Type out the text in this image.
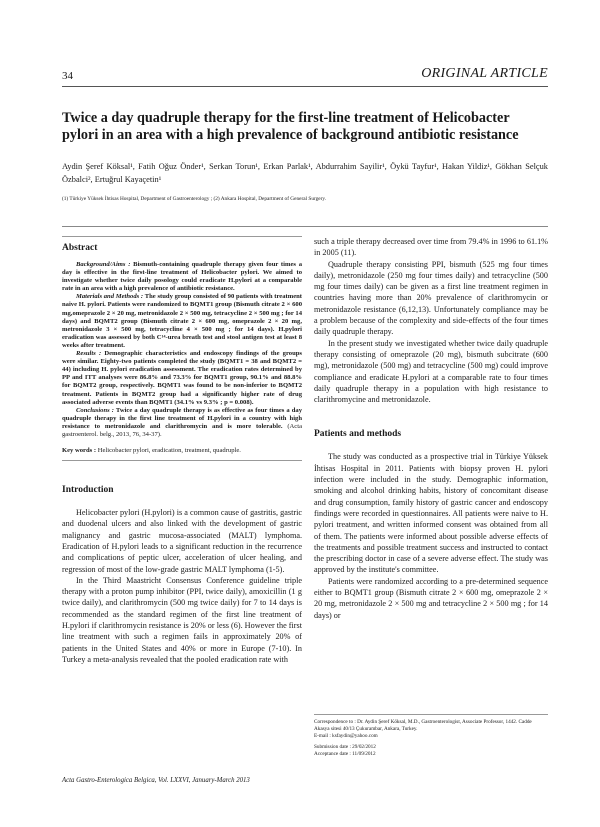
34	ORIGINAL ARTICLE
Twice a day quadruple therapy for the first-line treatment of Helicobacter pylori in an area with a high prevalence of background antibiotic resistance
Aydin Şeref Köksal¹, Fatih Oğuz Önder¹, Serkan Torun¹, Erkan Parlak¹, Abdurrahim Sayilir¹, Öykü Tayfur¹, Hakan Yildiz¹, Gökhan Selçuk Özbalci², Ertuğrul Kayaçetin¹
(1) Türkiye Yüksek İhtisas Hospital, Department of Gastroenterology ; (2) Ankara Hospital, Department of General Surgery.

Abstract

Background/Aims : Bismuth-containing quadruple therapy given four times a day is effective in the first-line treatment of Helicobacter pylori. We aimed to investigate whether twice daily posology could eradicate H.pylori at a comparable rate in an area with a high prevalence of antibiotic resistance.

Materials and Methods : The study group consisted of 90 patients with treatment naive H. pylori. Patients were randomized to BQMT1 group (Bismuth citrate 2 × 600 mg,omeprazole 2 × 20 mg, metronidazole 2 × 500 mg, tetracycline 2 × 500 mg ; for 14 days) and BQMT2 group (Bismuth citrate 2 × 600 mg, omeprazole 2 × 20 mg, metronidazole 3 × 500 mg, tetracycline 4 × 500 mg ; for 14 days). H.pylori eradication was assessed by both C¹⁴-urea breath test and stool antigen test at least 8 weeks after treatment.

Results : Demographic characteristics and endoscopy findings of the groups were similar. Eighty-two patients completed the study (BQMT1 = 38 and BQMT2 = 44) including H. pylori eradication assessment. The eradication rates determined by PP and ITT analyses were 86.8% and 73.3% for BQMT1 group, 90.1% and 88.8% for BQMT2 group, respectively. BQMT1 was found to be non-inferior to BQMT2 treatment. Patients in BQMT2 group had a significantly higher rate of drug associated adverse events than BQMT1 (34.1% vs 9.3% ; p = 0.008).

Conclusions : Twice a day quadruple therapy is as effective as four times a day quadruple therapy in the first line treatment of H.pylori in a country with high resistance to metronidazole and clarithromycin and is more tolerable. (Acta gastroenterol. belg., 2013, 76, 34-37).

Key words : Helicobacter pylori, eradication, treatment, quadruple.

Introduction

Helicobacter pylori (H.pylori) is a common cause of gastritis, gastric and duodenal ulcers and also linked with the development of gastric malignancy and gastric mucosa-associated (MALT) lymphoma. Eradication of H.pylori leads to a significant reduction in the recurrence and complications of peptic ulcer, acceleration of ulcer healing, and regression of most of the low-grade gastric MALT lymphoma (1-5).

In the Third Maastricht Consensus Conference guideline triple therapy with a proton pump inhibitor (PPI, twice daily), amoxicillin (1 g twice daily), and clarithromycin (500 mg twice daily) for 7 to 14 days is recommended as the standard regimen of the first line treatment of H.pylori if clarithromycin resistance is 20% or less (6). However the first line treatment with such a regimen fails in approximately 20% of patients in the United States and 40% or more in Europe (7-10). In Turkey a meta-analysis revealed that the pooled eradication rate with

such a triple therapy decreased over time from 79.4% in 1996 to 61.1% in 2005 (11).

Quadruple therapy consisting PPI, bismuth (525 mg four times daily), metronidazole (250 mg four times daily) and tetracycline (500 mg four times daily) can be given as a first line treatment regimen in countries having more than 20% prevalence of clarithromycin or metronidazole resistance (6,12,13). Unfortunately compliance may be a problem because of the complexity and side-effects of the four times daily quadruple therapy.

In the present study we investigated whether twice daily quadruple therapy consisting of omeprazole (20 mg), bismuth subcitrate (600 mg), metronidazole (500 mg) and tetracycline (500 mg) could improve compliance and eradicate H.pylori at a comparable rate to four times daily quadruple therapy in a population with high resistance to clarithromycine and metronidazole.

Patients and methods

The study was conducted as a prospective trial in Türkiye Yüksek İhtisas Hospital in 2011. Patients with biopsy proven H. pylori infection were included in the study. Demographic information, smoking and alcohol drinking habits, history of concomitant disease and drug consumption, family history of gastric cancer and endoscopy findings were recorded in questionnaires. All patients were naive to H. pylori treatment, and written informed consent was obtained from all of them. The patients were informed about possible adverse effects of the treatments and possible treatment success and instructed to contact the prescribing doctor in case of a severe adverse effect. The study was approved by the institute's committee.

Patients were randomized according to a pre-determined sequence either to BQMT1 group (Bismuth citrate 2 × 600 mg, omeprazole 2 × 20 mg, metronidazole 2 × 500 mg and tetracycline 2 × 500 mg ; for 14 days) or

Correspondence to : Dr. Aydin Şeref Köksal, M.D., Gastroenterologist, Associate Professor, 1442. Cadde Akasya sitesi 40/13 Çukurambar, Ankara, Turkey.

E-mail : ksfaydin@yahoo.com

Submission date : 29/02/2012

Acceptance date : 11/09/2012

Acta Gastro-Enterologica Belgica, Vol. LXXVI, January-March 2013
